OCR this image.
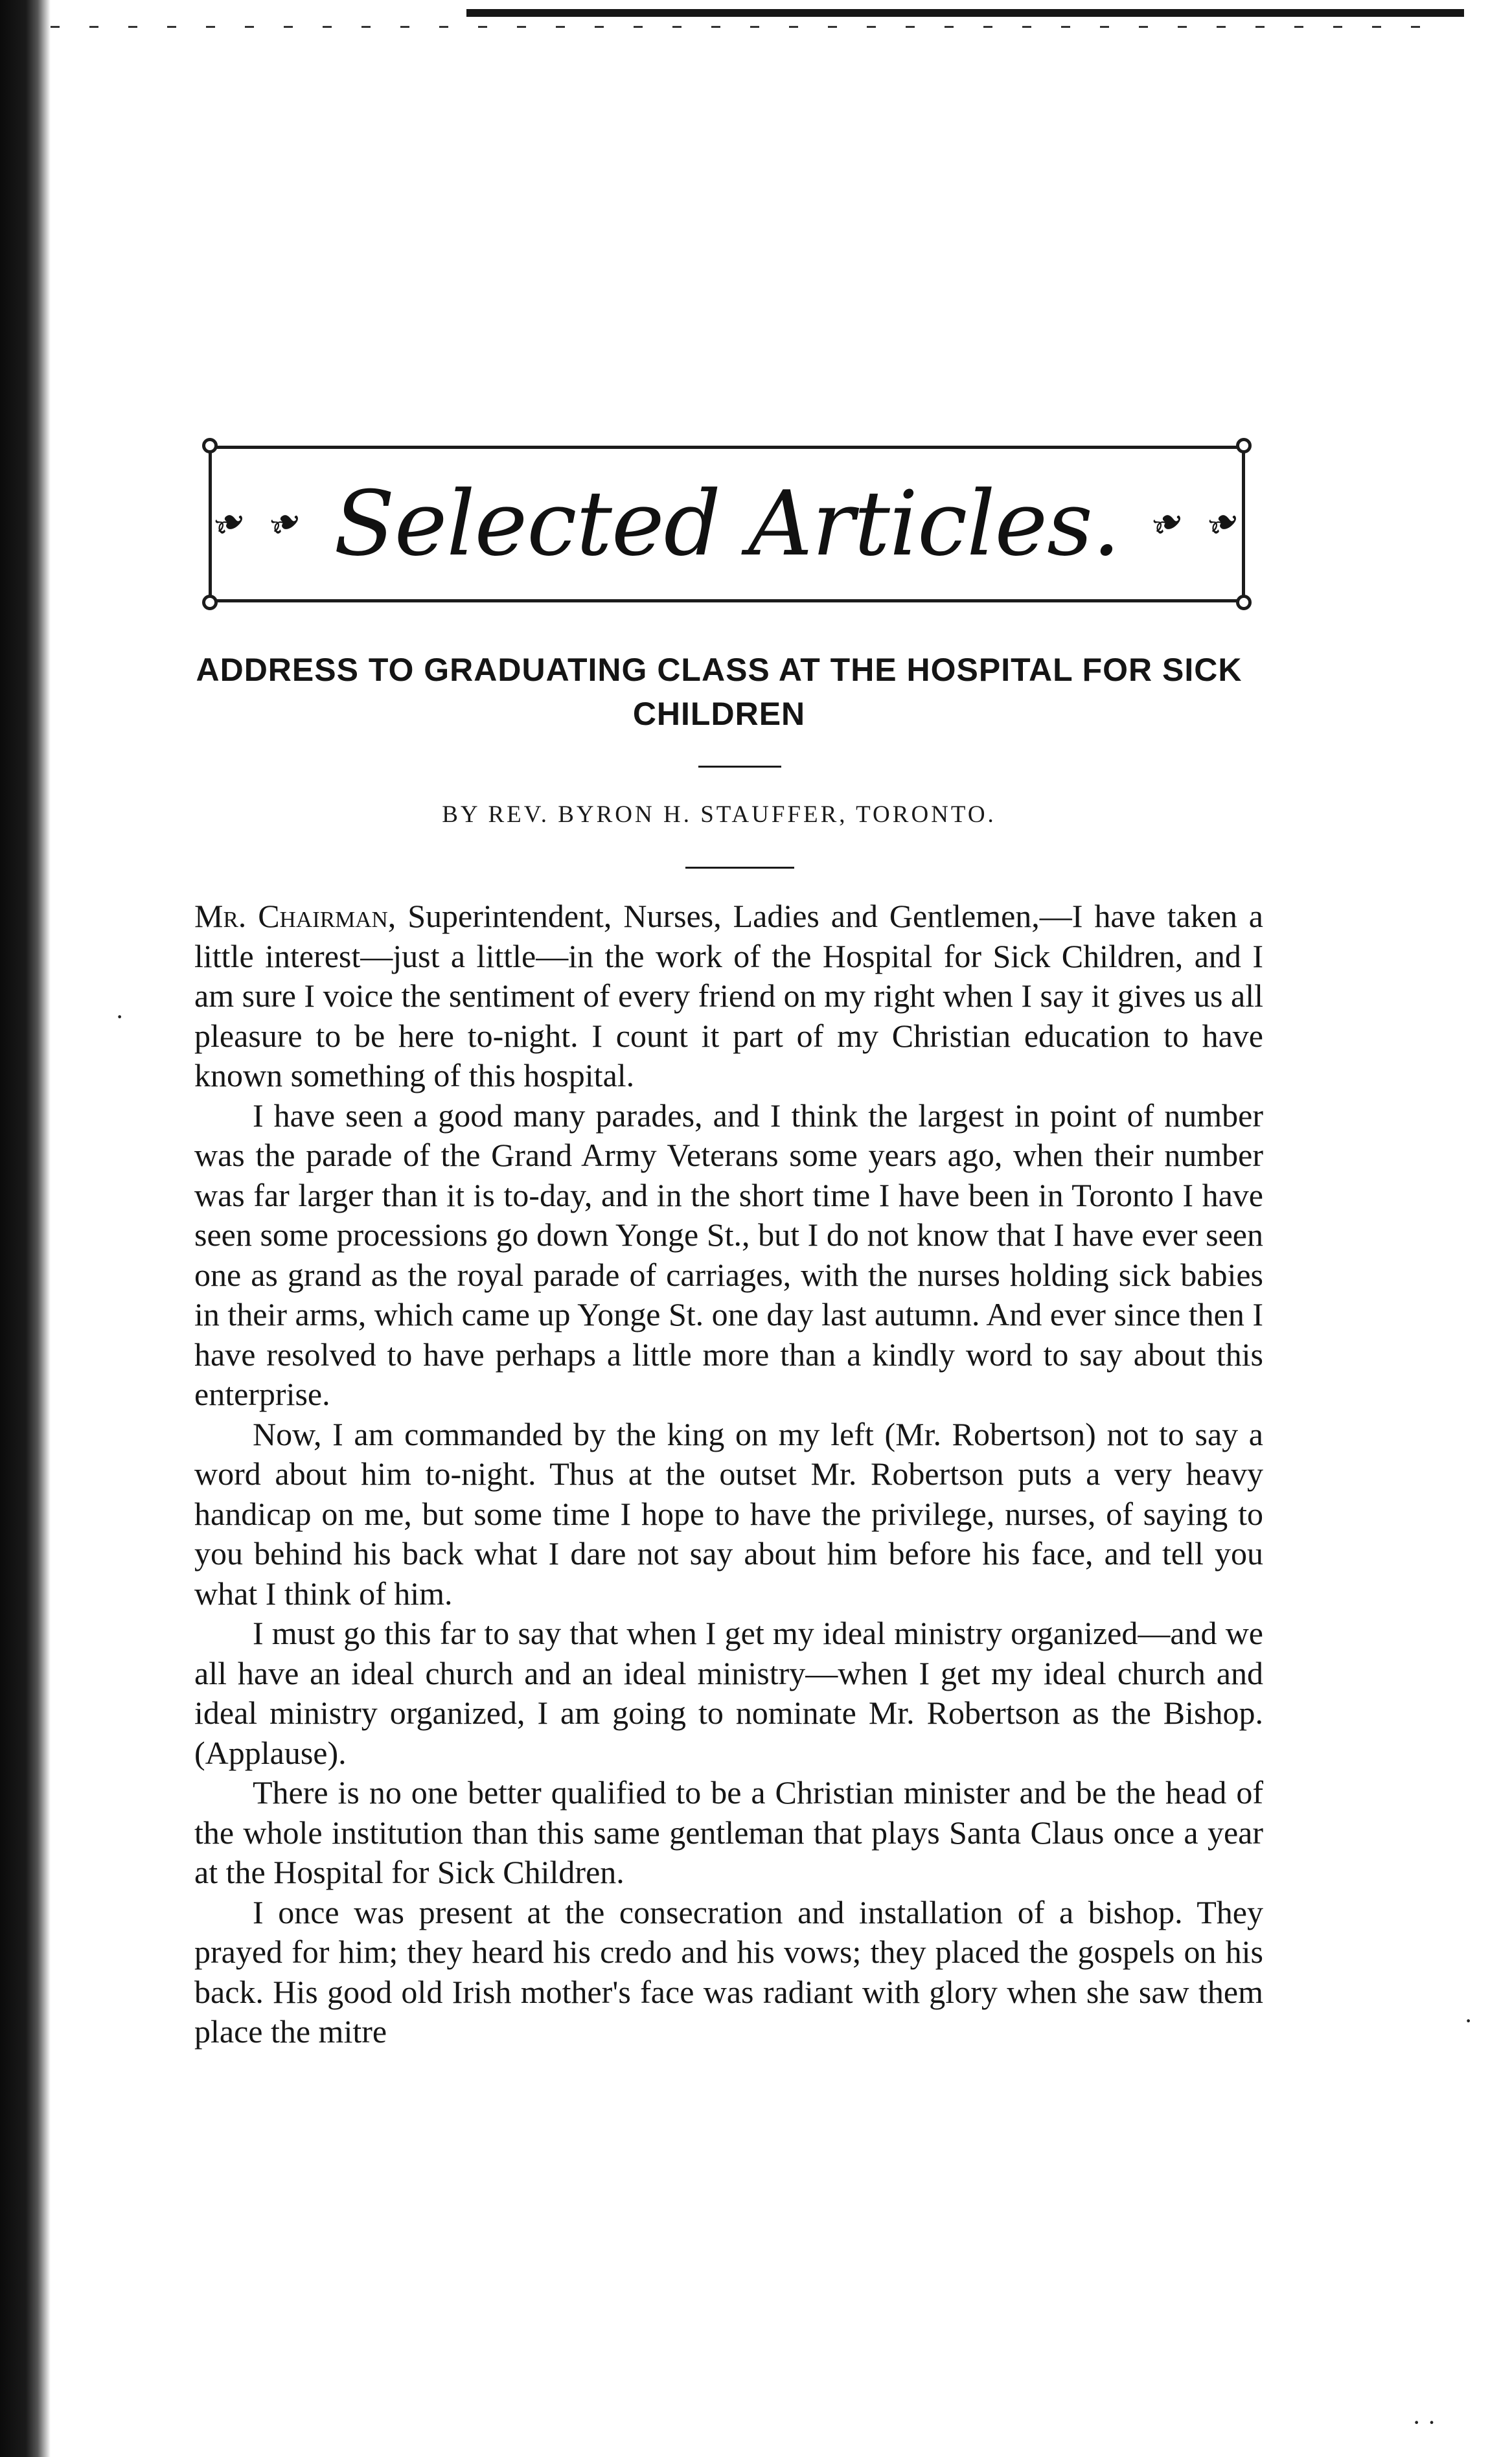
❧ ❧ Selected Articles. ❧ ❧
ADDRESS TO GRADUATING CLASS AT THE HOSPITAL FOR SICK CHILDREN
BY REV. BYRON H. STAUFFER, TORONTO.

Mr. Chairman, Superintendent, Nurses, Ladies and Gentlemen,—I have taken a little interest—just a little—in the work of the Hospital for Sick Children, and I am sure I voice the sentiment of every friend on my right when I say it gives us all pleasure to be here to-night. I count it part of my Christian education to have known something of this hospital.

I have seen a good many parades, and I think the largest in point of number was the parade of the Grand Army Veterans some years ago, when their number was far larger than it is to-day, and in the short time I have been in Toronto I have seen some processions go down Yonge St., but I do not know that I have ever seen one as grand as the royal parade of carriages, with the nurses holding sick babies in their arms, which came up Yonge St. one day last autumn. And ever since then I have resolved to have perhaps a little more than a kindly word to say about this enterprise.

Now, I am commanded by the king on my left (Mr. Robertson) not to say a word about him to-night. Thus at the outset Mr. Robertson puts a very heavy handicap on me, but some time I hope to have the privilege, nurses, of saying to you behind his back what I dare not say about him before his face, and tell you what I think of him.

I must go this far to say that when I get my ideal ministry organized—and we all have an ideal church and an ideal ministry—when I get my ideal church and ideal ministry organized, I am going to nominate Mr. Robertson as the Bishop. (Applause).

There is no one better qualified to be a Christian minister and be the head of the whole institution than this same gentleman that plays Santa Claus once a year at the Hospital for Sick Children.

I once was present at the consecration and installation of a bishop. They prayed for him; they heard his credo and his vows; they placed the gospels on his back. His good old Irish mother's face was radiant with glory when she saw them place the mitre

·
·
· ·
